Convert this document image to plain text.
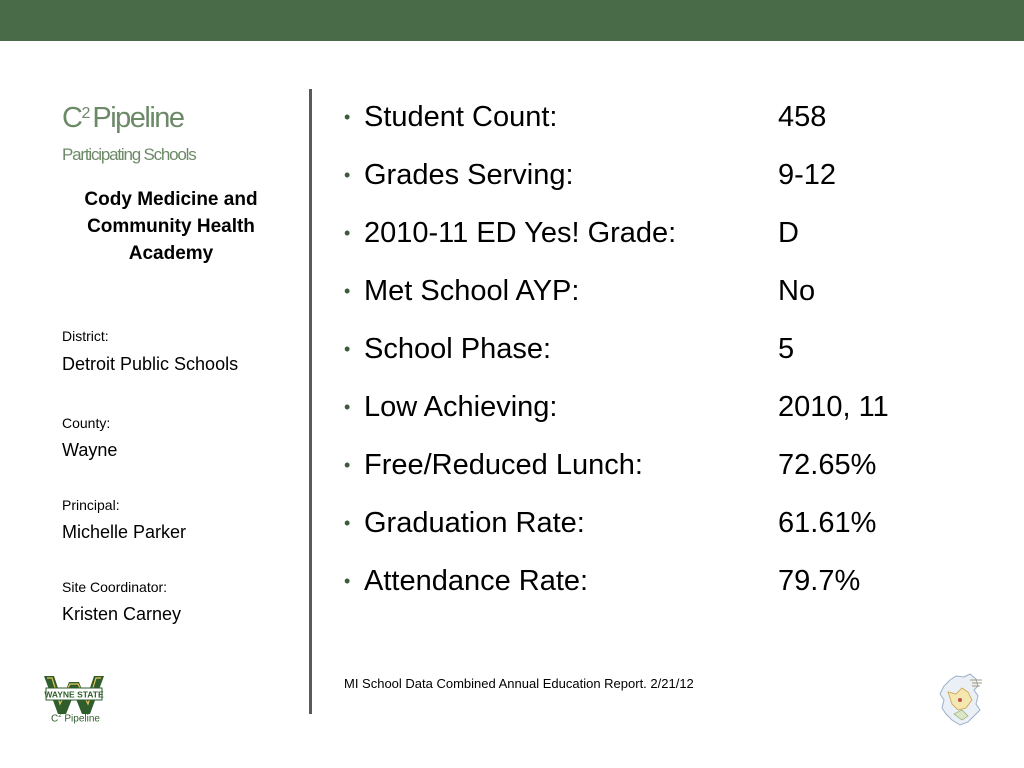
$C^2Pipeline$
Participating Schools
Cody Medicine and Community Health Academy
District:
Detroit Public Schools
County:
Wayne
Principal:
Michelle Parker
Site Coordinator:
Kristen Carney
• Student Count:	458
• Grades Serving:	9-12
• 2010-11 ED Yes! Grade:	D
• Met School AYP:	No
• School Phase:	5
• Low Achieving:	2010, 11
• Free/Reduced Lunch:	72.65%
• Graduation Rate:	61.61%
• Attendance Rate:	79.7%
MI School Data Combined Annual Education Report. 2/21/12
WAYNE STATE
$C^2$ Pipeline
